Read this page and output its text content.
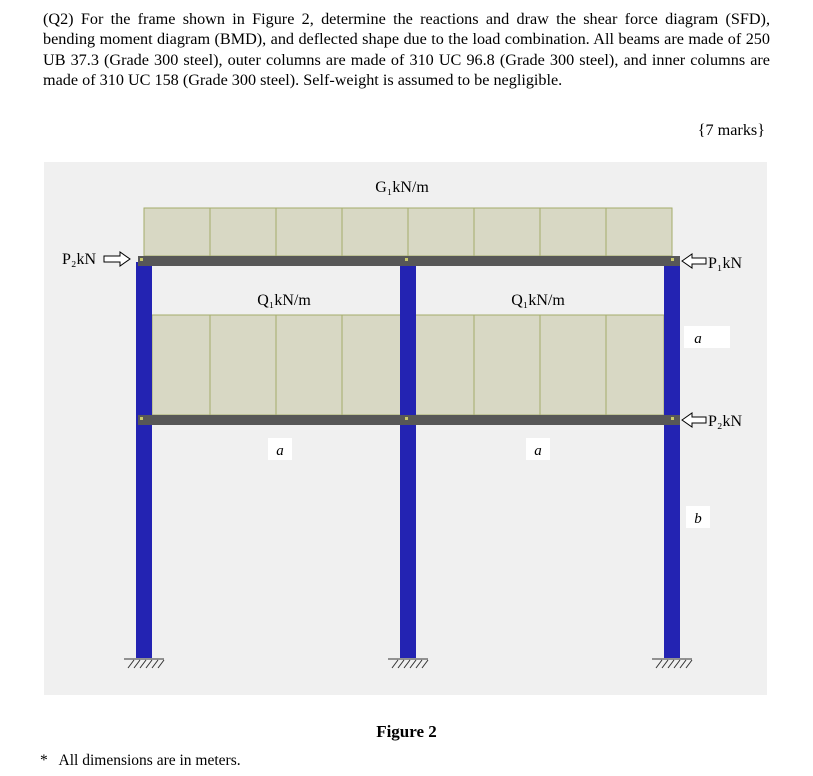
(Q2) For the frame shown in Figure 2, determine the reactions and draw the shear force diagram (SFD), bending moment diagram (BMD), and deflected shape due to the load combination. All beams are made of 250 UB 37.3 (Grade 300 steel), outer columns are made of 310 UC 96.8 (Grade 300 steel), and inner columns are made of 310 UC 158 (Grade 300 steel). Self-weight is assumed to be negligible.

{7 marks}
G₁kN/m
Q₁kN/m	Q₁kN/m
P₂kN	P₁kN
P₂kN
a
a	a
b
Figure 2
* All dimensions are in meters.
